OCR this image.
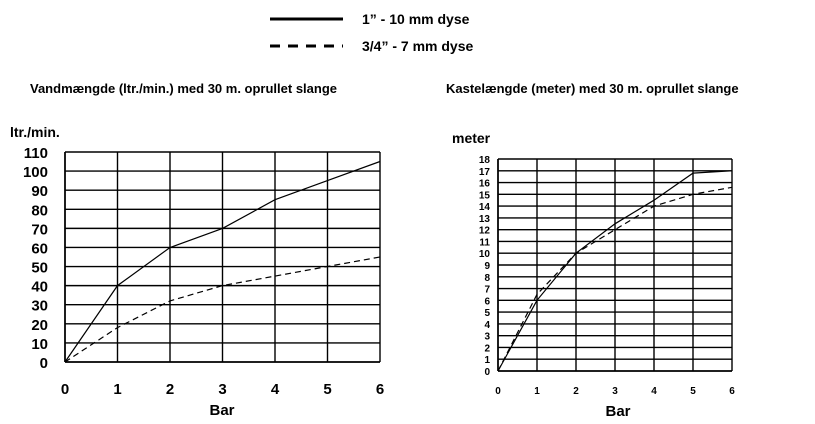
1” - 10 mm dyse
3/4” - 7 mm dyse
Vandmængde (ltr./min.) med 30 m. oprullet slange
ltr./min.
Bar
0
10
20
30
40
50
60
70
80
90
100
110
0	1	2	3	4	5	6
Kastelængde (meter) med 30 m. oprullet slange
meter
Bar
0
1
2
3
4
5
6
7
8
9
10
11
12
13
14
15
16
17
18
0	1	2	3	4	5	6
